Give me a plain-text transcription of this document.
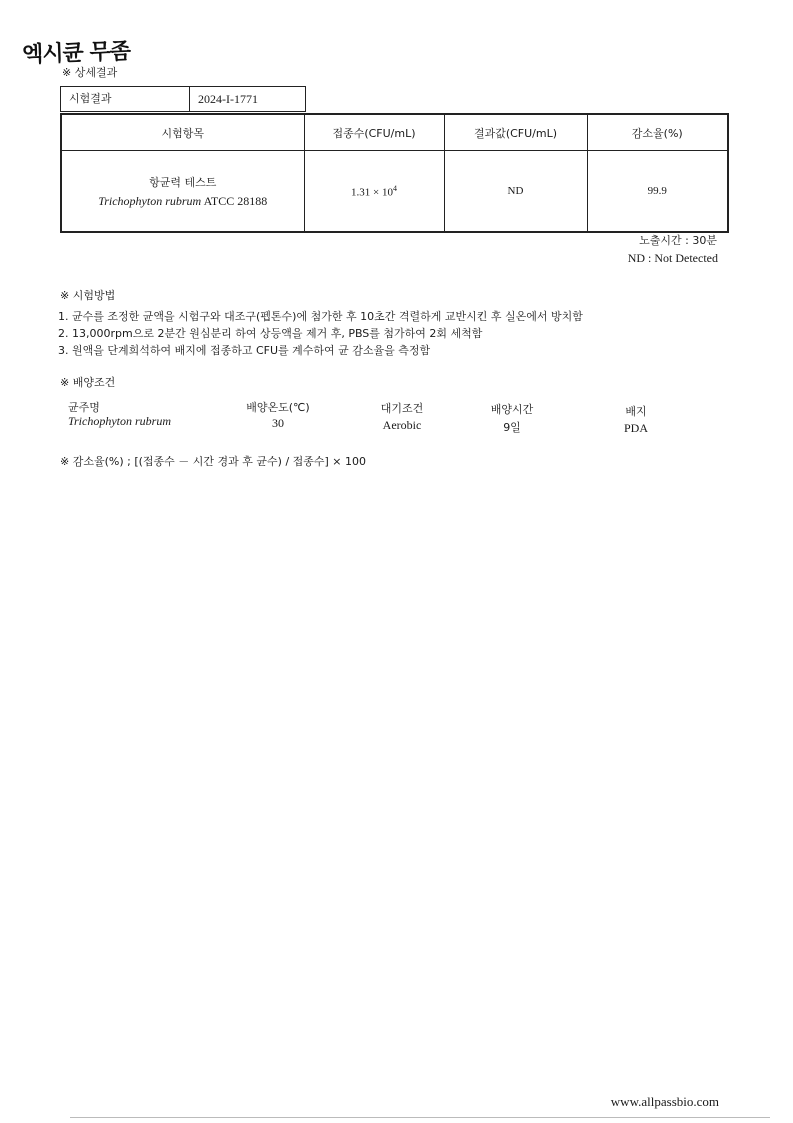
엑시큔 무좀
※ 상세결과
시험결과	2024-I-1771
시험항목	접종수(CFU/mL)	결과값(CFU/mL)	감소율(%)

항균력 테스트
Trichophyton rubrum ATCC 28188	$1.31 \times 10^4$	ND	99.9
노출시간 : 30분
ND : Not Detected
※ 시험방법
1. 균수를 조정한 균액을 시험구와 대조구(펩톤수)에 첨가한 후 10초간 격렬하게 교반시킨 후 실온에서 방치함
2. 13,000rpm으로 2분간 원심분리 하여 상등액을 제거 후, PBS를 첨가하여 2회 세척함
3. 원액을 단계희석하여 배지에 접종하고 CFU를 계수하여 균 감소율을 측정함
※ 배양조건
균주명	배양온도(℃)	대기조건	배양시간	배지
Trichophyton rubrum	30	Aerobic	9일	PDA
※ 감소율(%) ; [(접종수 － 시간 경과 후 균수) / 접종수] × 100
www.allpassbio.com
